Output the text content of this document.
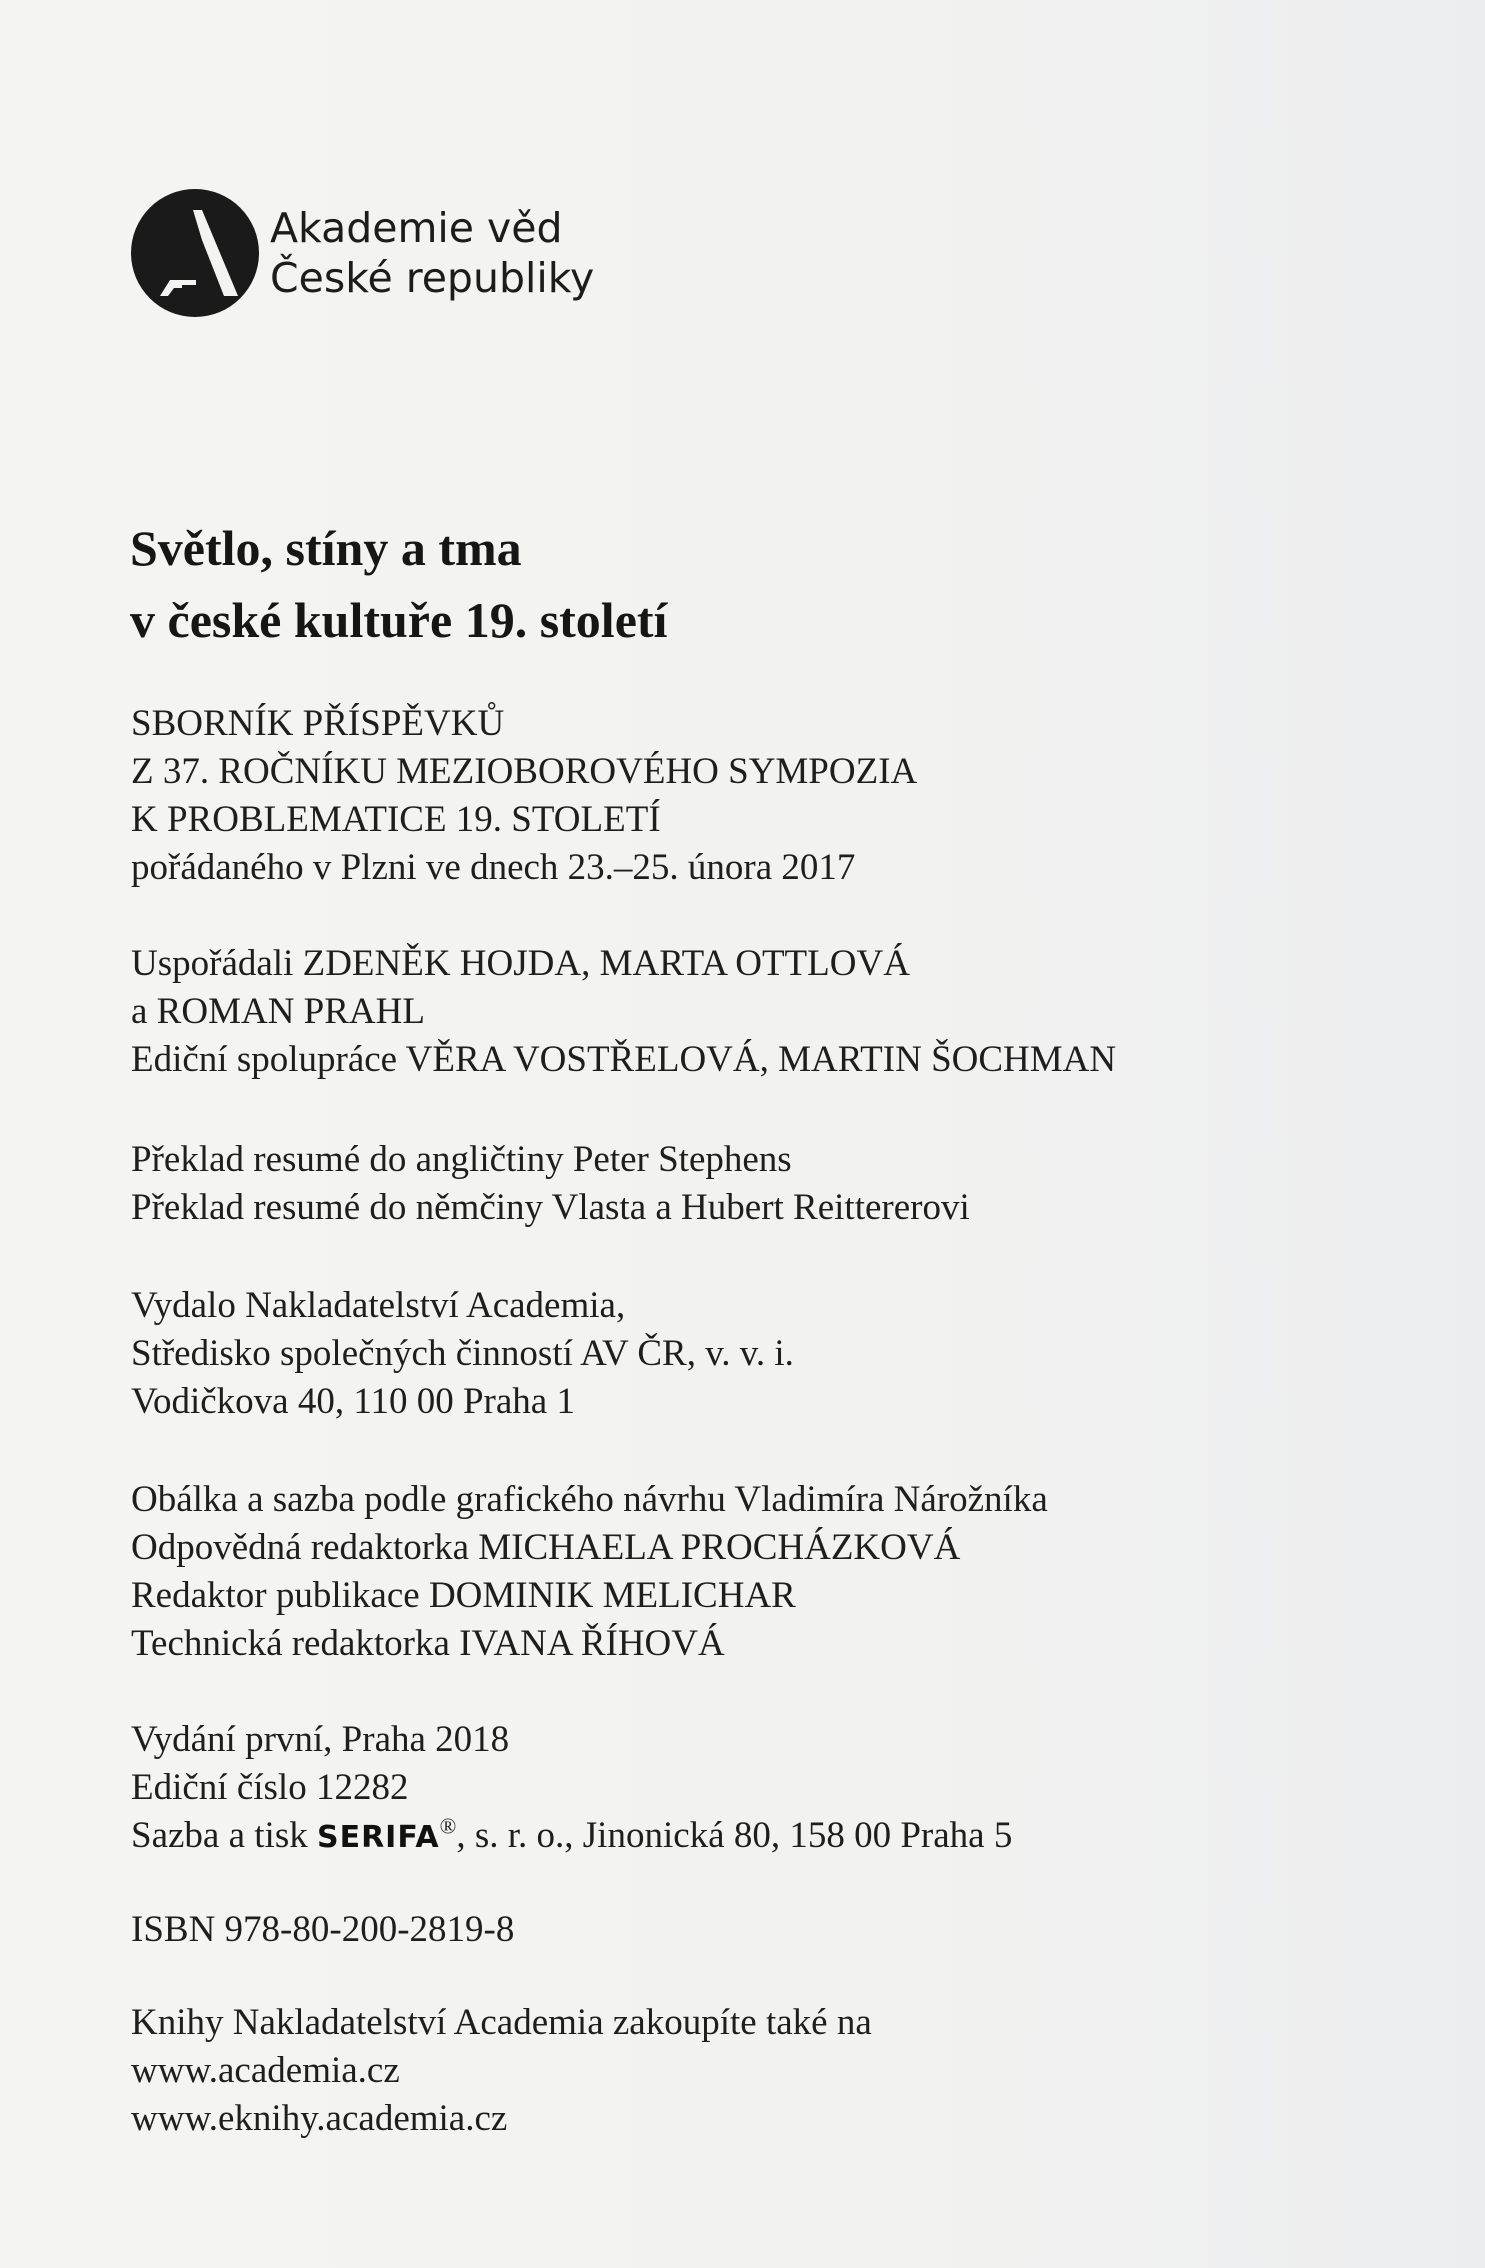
Akademie věd
České republiky
Světlo, stíny a tma
v české kultuře 19. století
SBORNÍK PŘÍSPĚVKŮ
Z 37. ROČNÍKU MEZIOBOROVÉHO SYMPOZIA
K PROBLEMATICE 19. STOLETÍ
pořádaného v Plzni ve dnech 23.–25. února 2017
Uspořádali ZDENĚK HOJDA, MARTA OTTLOVÁ
a ROMAN PRAHL
Ediční spolupráce VĚRA VOSTŘELOVÁ, MARTIN ŠOCHMAN
Překlad resumé do angličtiny Peter Stephens
Překlad resumé do němčiny Vlasta a Hubert Reittererovi
Vydalo Nakladatelství Academia,
Středisko společných činností AV ČR, v. v. i.
Vodičkova 40, 110 00 Praha 1
Obálka a sazba podle grafického návrhu Vladimíra Nárožníka
Odpovědná redaktorka MICHAELA PROCHÁZKOVÁ
Redaktor publikace DOMINIK MELICHAR
Technická redaktorka IVANA ŘÍHOVÁ
Vydání první, Praha 2018
Ediční číslo 12282
Sazba a tisk SERIFA®, s. r. o., Jinonická 80, 158 00 Praha 5
ISBN 978-80-200-2819-8
Knihy Nakladatelství Academia zakoupíte také na
www.academia.cz
www.eknihy.academia.cz
